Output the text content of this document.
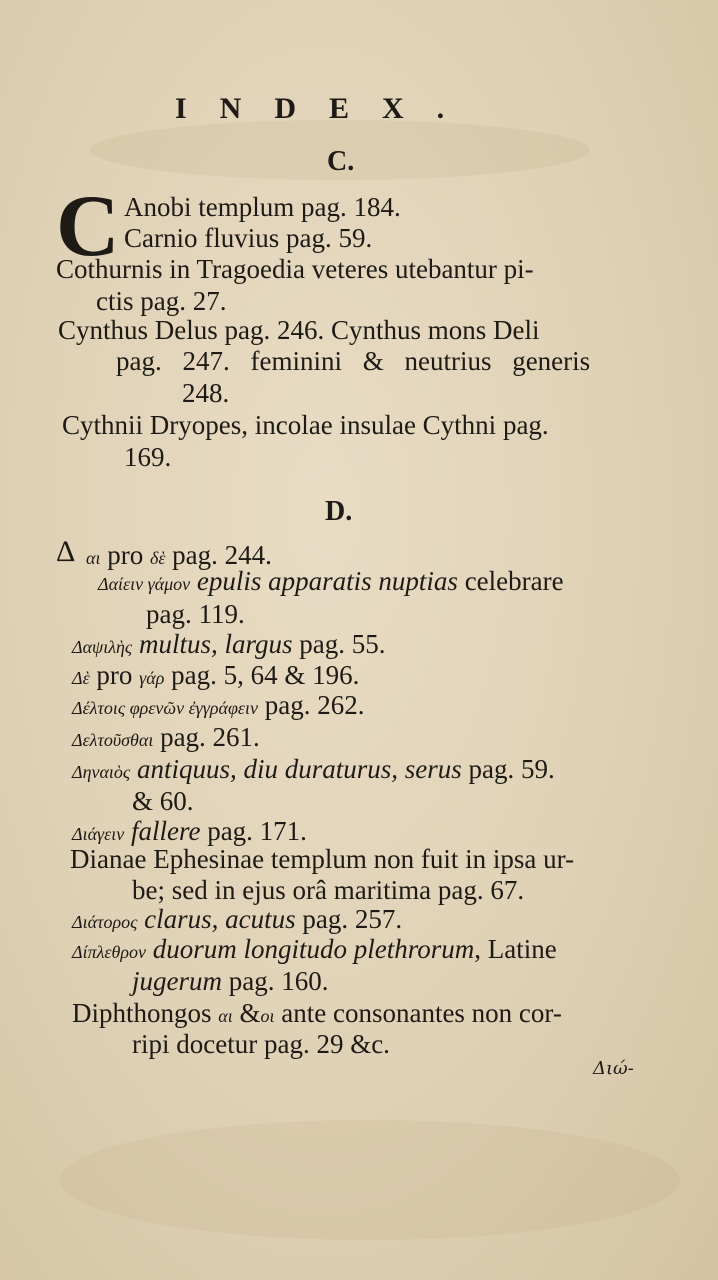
INDEX.
C.
C Anobi templum pag. 184.
Carnio fluvius pag. 59.
Cothurnis in Tragoedia veteres utebantur pi-
ctis pag. 27.
Cynthus Delus pag. 246. Cynthus mons Deli
pag. 247. feminini & neutrius generis
248.
Cythnii Dryopes, incolae insulae Cythni pag.
169.
D.
Δ αι pro δὲ pag. 244.
Δαίειν γάμον epulis apparatis nuptias celebrare
pag. 119.
Δαψιλὴς multus, largus pag. 55.
Δὲ pro γάρ pag. 5, 64 & 196.
Δέλτοις φρενῶν ἐγγράφειν pag. 262.
Δελτοῦσθαι pag. 261.
Δηναιὸς antiquus, diu duraturus, serus pag. 59.
& 60.
Διάγειν fallere pag. 171.
Dianae Ephesinae templum non fuit in ipsa ur-
be; sed in ejus orâ maritima pag. 67.
Διάτορος clarus, acutus pag. 257.
Δίπλεθρον duorum longitudo plethrorum, Latine
jugerum pag. 160.
Diphthongos αι &οι ante consonantes non cor-
ripi docetur pag. 29 &c.
Διώ-
